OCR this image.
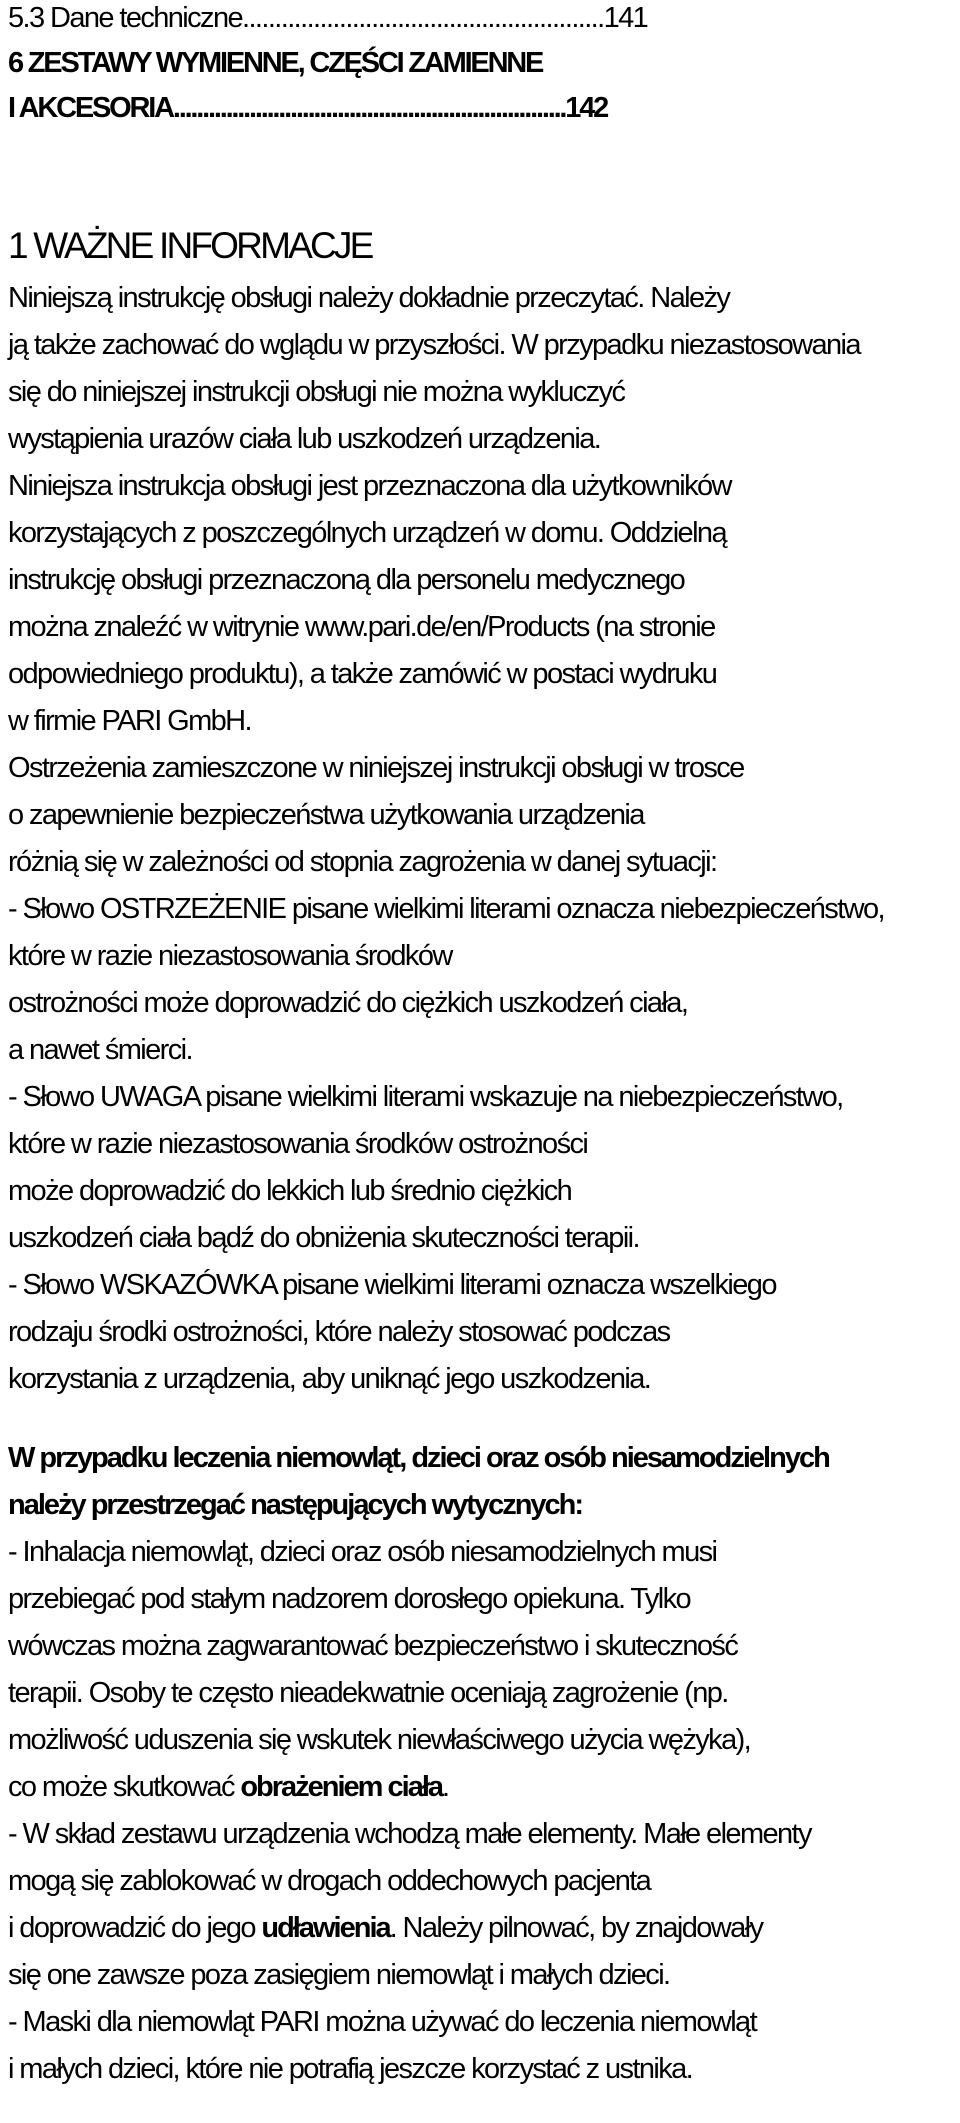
5.3 Dane techniczne........................................................141
6 ZESTAWY WYMIENNE, CZĘŚCI ZAMIENNE
I AKCESORIA...................................................................142
1 WAŻNE INFORMACJE
Niniejszą instrukcję obsługi należy dokładnie przeczytać. Należy
ją także zachować do wglądu w przyszłości. W przypadku niezastosowania
się do niniejszej instrukcji obsługi nie można wykluczyć
wystąpienia urazów ciała lub uszkodzeń urządzenia.
Niniejsza instrukcja obsługi jest przeznaczona dla użytkowników
korzystających z poszczególnych urządzeń w domu. Oddzielną
instrukcję obsługi przeznaczoną dla personelu medycznego
można znaleźć w witrynie www.pari.de/en/Products (na stronie
odpowiedniego produktu), a także zamówić w postaci wydruku
w firmie PARI GmbH.
Ostrzeżenia zamieszczone w niniejszej instrukcji obsługi w trosce
o zapewnienie bezpieczeństwa użytkowania urządzenia
różnią się w zależności od stopnia zagrożenia w danej sytuacji:
- Słowo OSTRZEŻENIE pisane wielkimi literami oznacza niebezpieczeństwo,
które w razie niezastosowania środków
ostrożności może doprowadzić do ciężkich uszkodzeń ciała,
a nawet śmierci.
- Słowo UWAGA pisane wielkimi literami wskazuje na niebezpieczeństwo,
które w razie niezastosowania środków ostrożności
może doprowadzić do lekkich lub średnio ciężkich
uszkodzeń ciała bądź do obniżenia skuteczności terapii.
- Słowo WSKAZÓWKA pisane wielkimi literami oznacza wszelkiego
rodzaju środki ostrożności, które należy stosować podczas
korzystania z urządzenia, aby uniknąć jego uszkodzenia.
W przypadku leczenia niemowląt, dzieci oraz osób niesamodzielnych
należy przestrzegać następujących wytycznych:
- Inhalacja niemowląt, dzieci oraz osób niesamodzielnych musi
przebiegać pod stałym nadzorem dorosłego opiekuna. Tylko
wówczas można zagwarantować bezpieczeństwo i skuteczność
terapii. Osoby te często nieadekwatnie oceniają zagrożenie (np.
możliwość uduszenia się wskutek niewłaściwego użycia wężyka),
co może skutkować obrażeniem ciała.
- W skład zestawu urządzenia wchodzą małe elementy. Małe elementy
mogą się zablokować w drogach oddechowych pacjenta
i doprowadzić do jego udławienia. Należy pilnować, by znajdowały
się one zawsze poza zasięgiem niemowląt i małych dzieci.
- Maski dla niemowląt PARI można używać do leczenia niemowląt
i małych dzieci, które nie potrafią jeszcze korzystać z ustnika.
